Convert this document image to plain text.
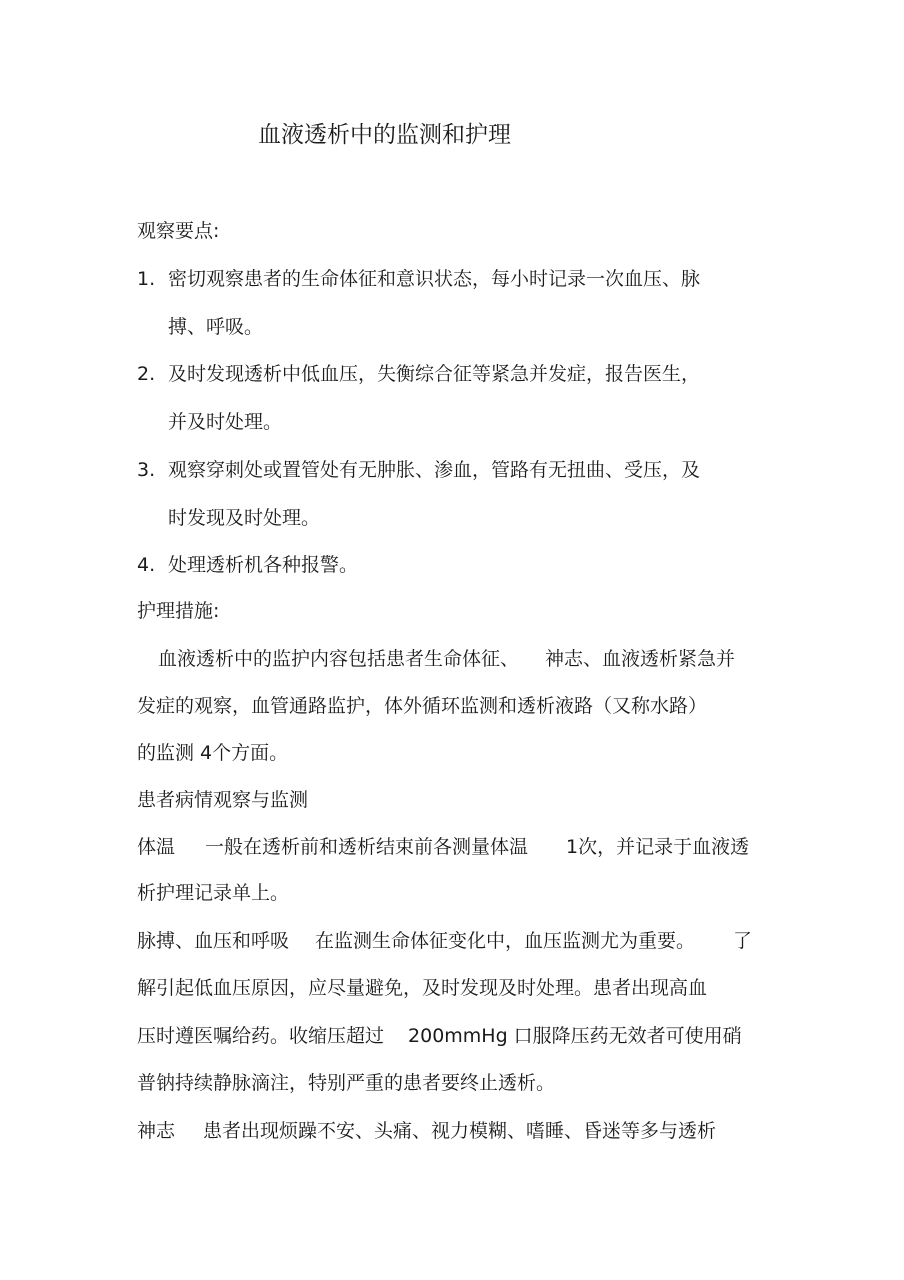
血液透析中的监测和护理
观察要点:
1. 密切观察患者的生命体征和意识状态，每小时记录一次血压、脉
搏、呼吸。
2. 及时发现透析中低血压，失衡综合征等紧急并发症，报告医生，
并及时处理。
3. 观察穿刺处或置管处有无肿胀、渗血，管路有无扭曲、受压，及
时发现及时处理。
4. 处理透析机各种报警。
护理措施:
血液透析中的监护内容包括患者生命体征、 神志、血液透析紧急并
发症的观察，血管通路监护，体外循环监测和透析液路（又称水路）
的监测 4个方面。
患者病情观察与监测
体温 一般在透析前和透析结束前各测量体温 1次，并记录于血液透
析护理记录单上。
脉搏、血压和呼吸 在监测生命体征变化中，血压监测尤为重要。 了
解引起低血压原因，应尽量避免，及时发现及时处理。患者出现高血
压时遵医嘱给药。收缩压超过 200mmHg 口服降压药无效者可使用硝
普钠持续静脉滴注，特别严重的患者要终止透析。
神志 患者出现烦躁不安、头痛、视力模糊、嗜睡、昏迷等多与透析
